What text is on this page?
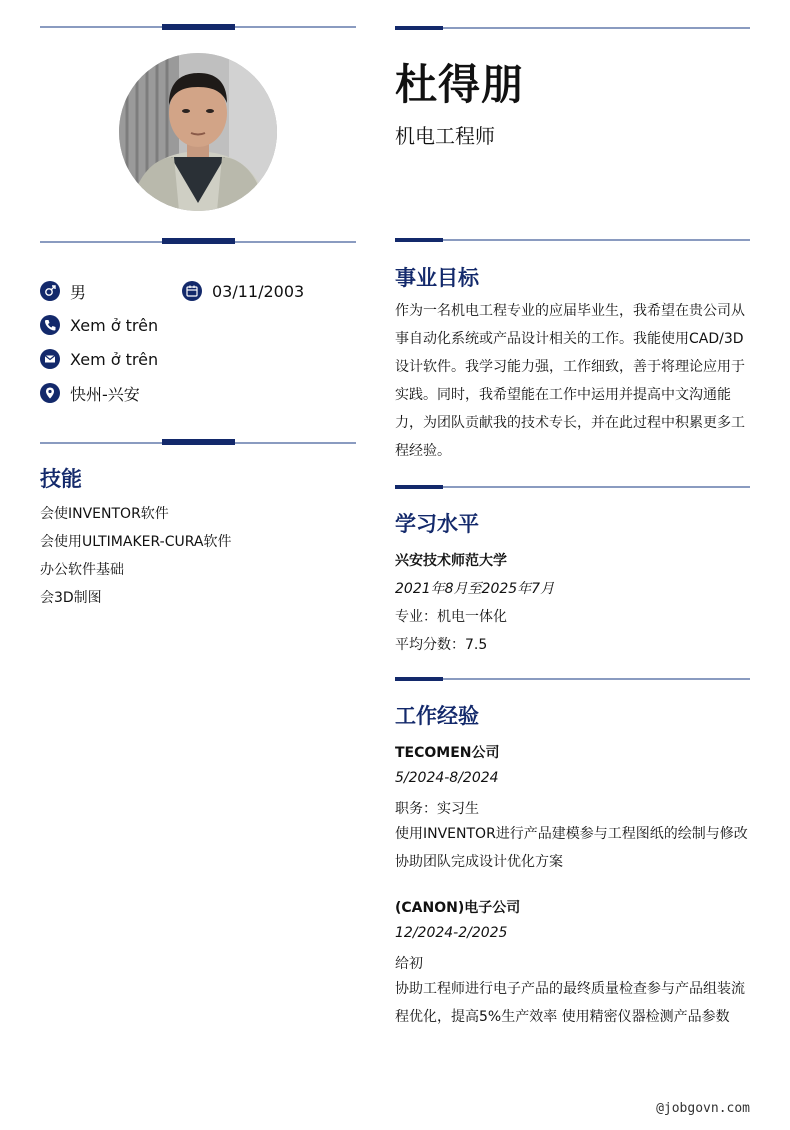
男	03/11/2003
Xem ở trên
Xem ở trên
快州-兴安
技能
会使INVENTOR软件
会使用ULTIMAKER-CURA软件
办公软件基础
会3D制图
杜得朋
机电工程师
事业目标
作为一名机电工程专业的应届毕业生，我希望在贵公司从事自动化系统或产品设计相关的工作。我能使用CAD/3D设计软件。我学习能力强，工作细致，善于将理论应用于实践。同时，我希望能在工作中运用并提高中文沟通能力，为团队贡献我的技术专长，并在此过程中积累更多工程经验。
学习水平
兴安技术师范大学
2021年8月至2025年7月
专业：机电一体化
平均分数：7.5
工作经验
TECOMEN公司
5/2024-8/2024
职务：实习生
使用INVENTOR进行产品建模参与工程图纸的绘制与修改 协助团队完成设计优化方案
(CANON)电子公司
12/2024-2/2025
给初
协助工程师进行电子产品的最终质量检查参与产品组装流程优化，提高5%生产效率 使用精密仪器检测产品参数
@jobgovn.com
